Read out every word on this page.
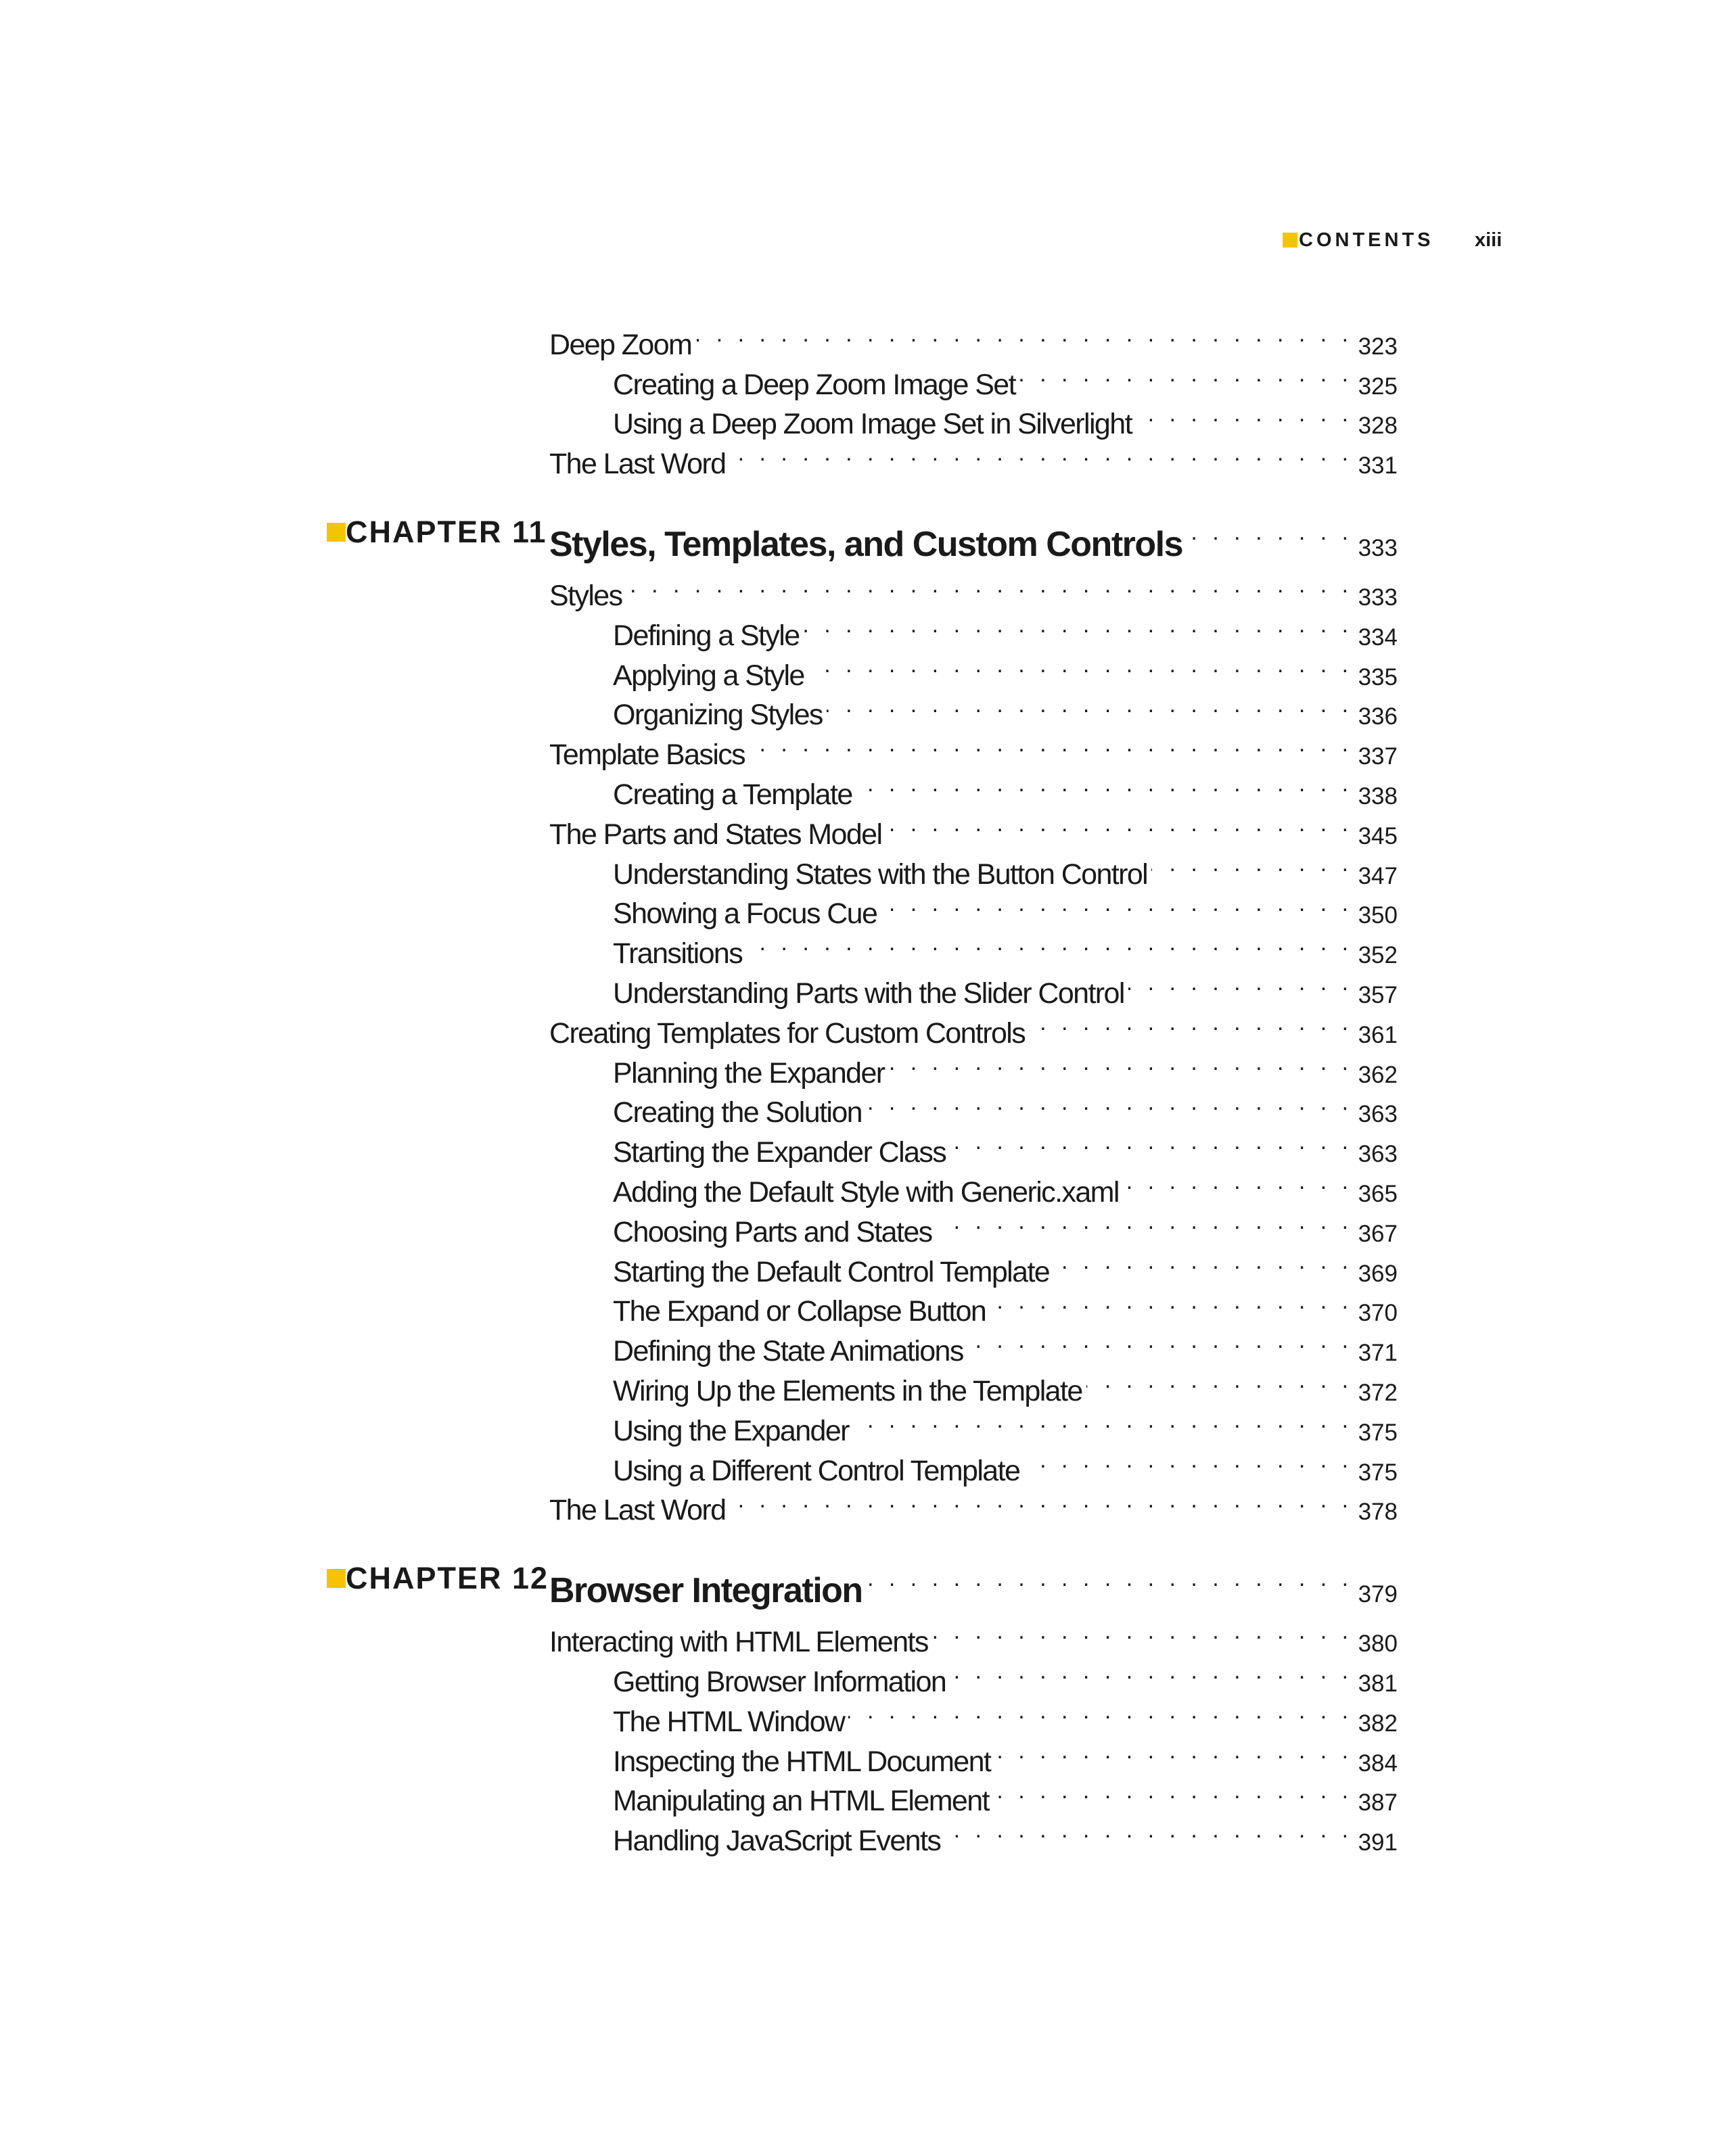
CONTENTS xiii
Deep Zoom . . .	323
Creating a Deep Zoom Image Set . . .	325
Using a Deep Zoom Image Set in Silverlight . . .	328
The Last Word . . .	331
CHAPTER 11 Styles, Templates, and Custom Controls . . .	333
Styles . . .	333
Defining a Style . . .	334
Applying a Style . . .	335
Organizing Styles . . .	336
Template Basics . . .	337
Creating a Template . . .	338
The Parts and States Model . . .	345
Understanding States with the Button Control . . .	347
Showing a Focus Cue . . .	350
Transitions . . .	352
Understanding Parts with the Slider Control . . .	357
Creating Templates for Custom Controls . . .	361
Planning the Expander . . .	362
Creating the Solution . . .	363
Starting the Expander Class . . .	363
Adding the Default Style with Generic.xaml . . .	365
Choosing Parts and States . . .	367
Starting the Default Control Template . . .	369
The Expand or Collapse Button . . .	370
Defining the State Animations . . .	371
Wiring Up the Elements in the Template . . .	372
Using the Expander . . .	375
Using a Different Control Template . . .	375
The Last Word . . .	378
CHAPTER 12 Browser Integration . . .	379
Interacting with HTML Elements . . .	380
Getting Browser Information . . .	381
The HTML Window . . .	382
Inspecting the HTML Document . . .	384
Manipulating an HTML Element . . .	387
Handling JavaScript Events . . .	391
